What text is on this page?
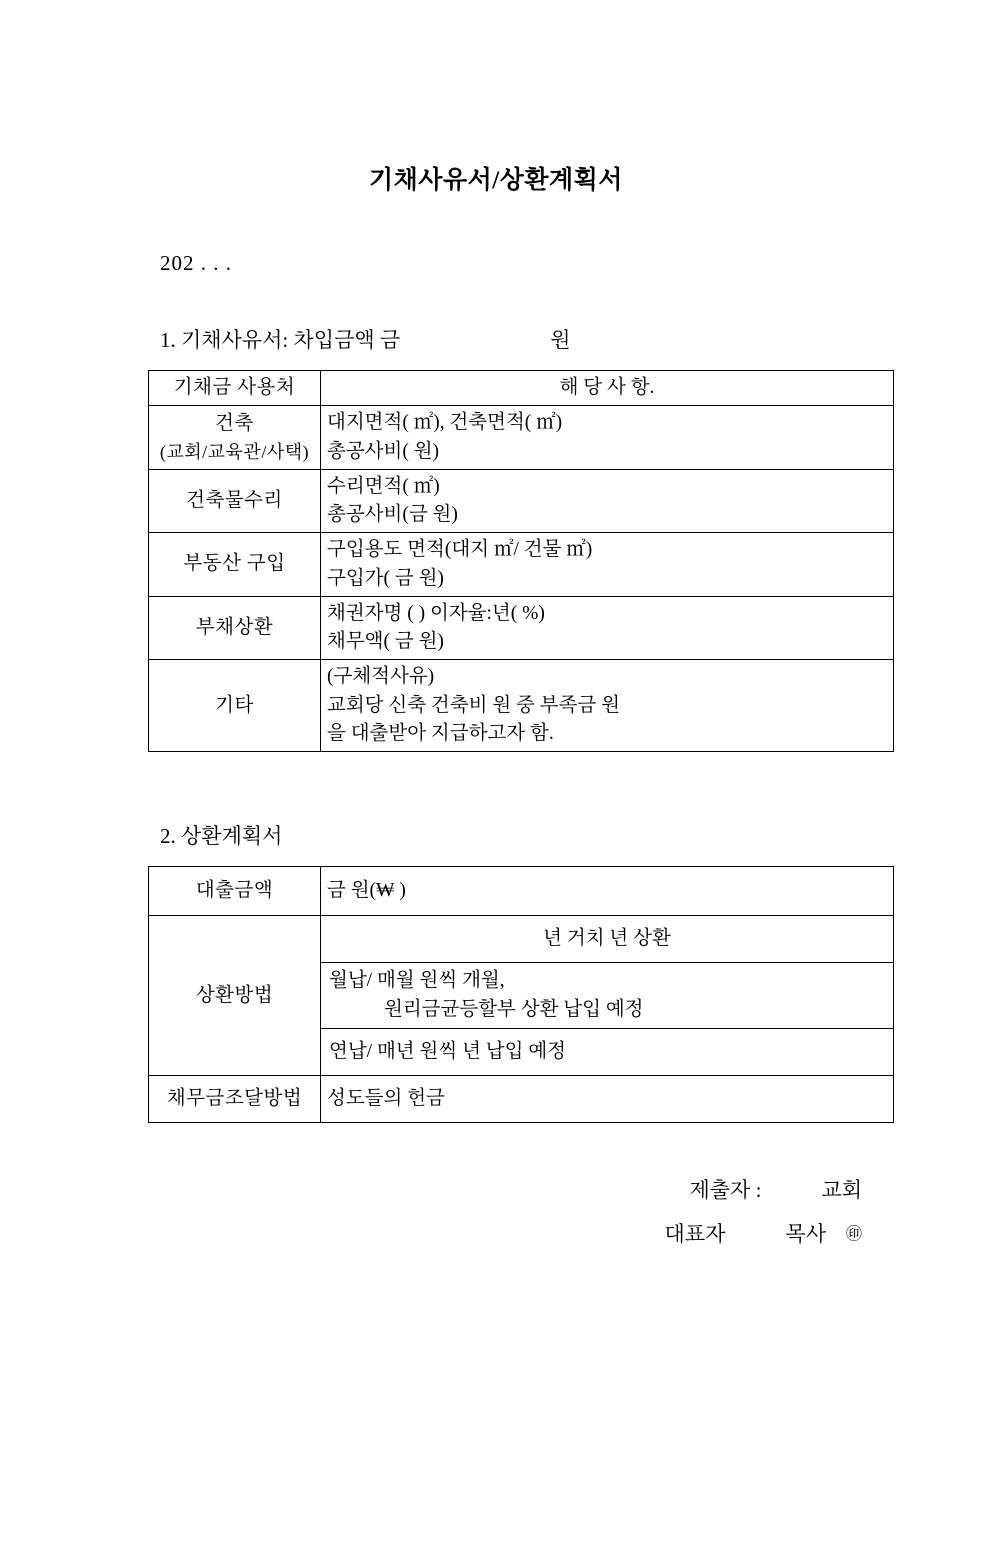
기채사유서/상환계획서
202 . . .
1. 기채사유서: 차입금액 금	원
기채금 사용처	해 당 사 항.

건축
(교회/교육관/사택)	대지면적( ㎡), 건축면적( ㎡)
총공사비( 원)

건축물수리	수리면적( ㎡)
총공사비(금 원)

부동산 구입	구입용도 면적(대지 ㎡/ 건물 ㎡)
구입가( 금 원)

부채상환	채권자명 ( ) 이자율:년( %)
채무액( 금 원)

기타	(구체적사유)
교회당 신축 건축비 원 중 부족금 원
을 대출받아 지급하고자 함.
2. 상환계획서
대출금액	금 원(₩ )
상환방법	년 거치 년 상환
월납/ 매월 원씩 개월,
원리금균등할부 상환 납입 예정
연납/ 매년 원씩 년 납입 예정

채무금조달방법	성도들의 헌금
제출자 :	교회
대표자	목사 ㊞
